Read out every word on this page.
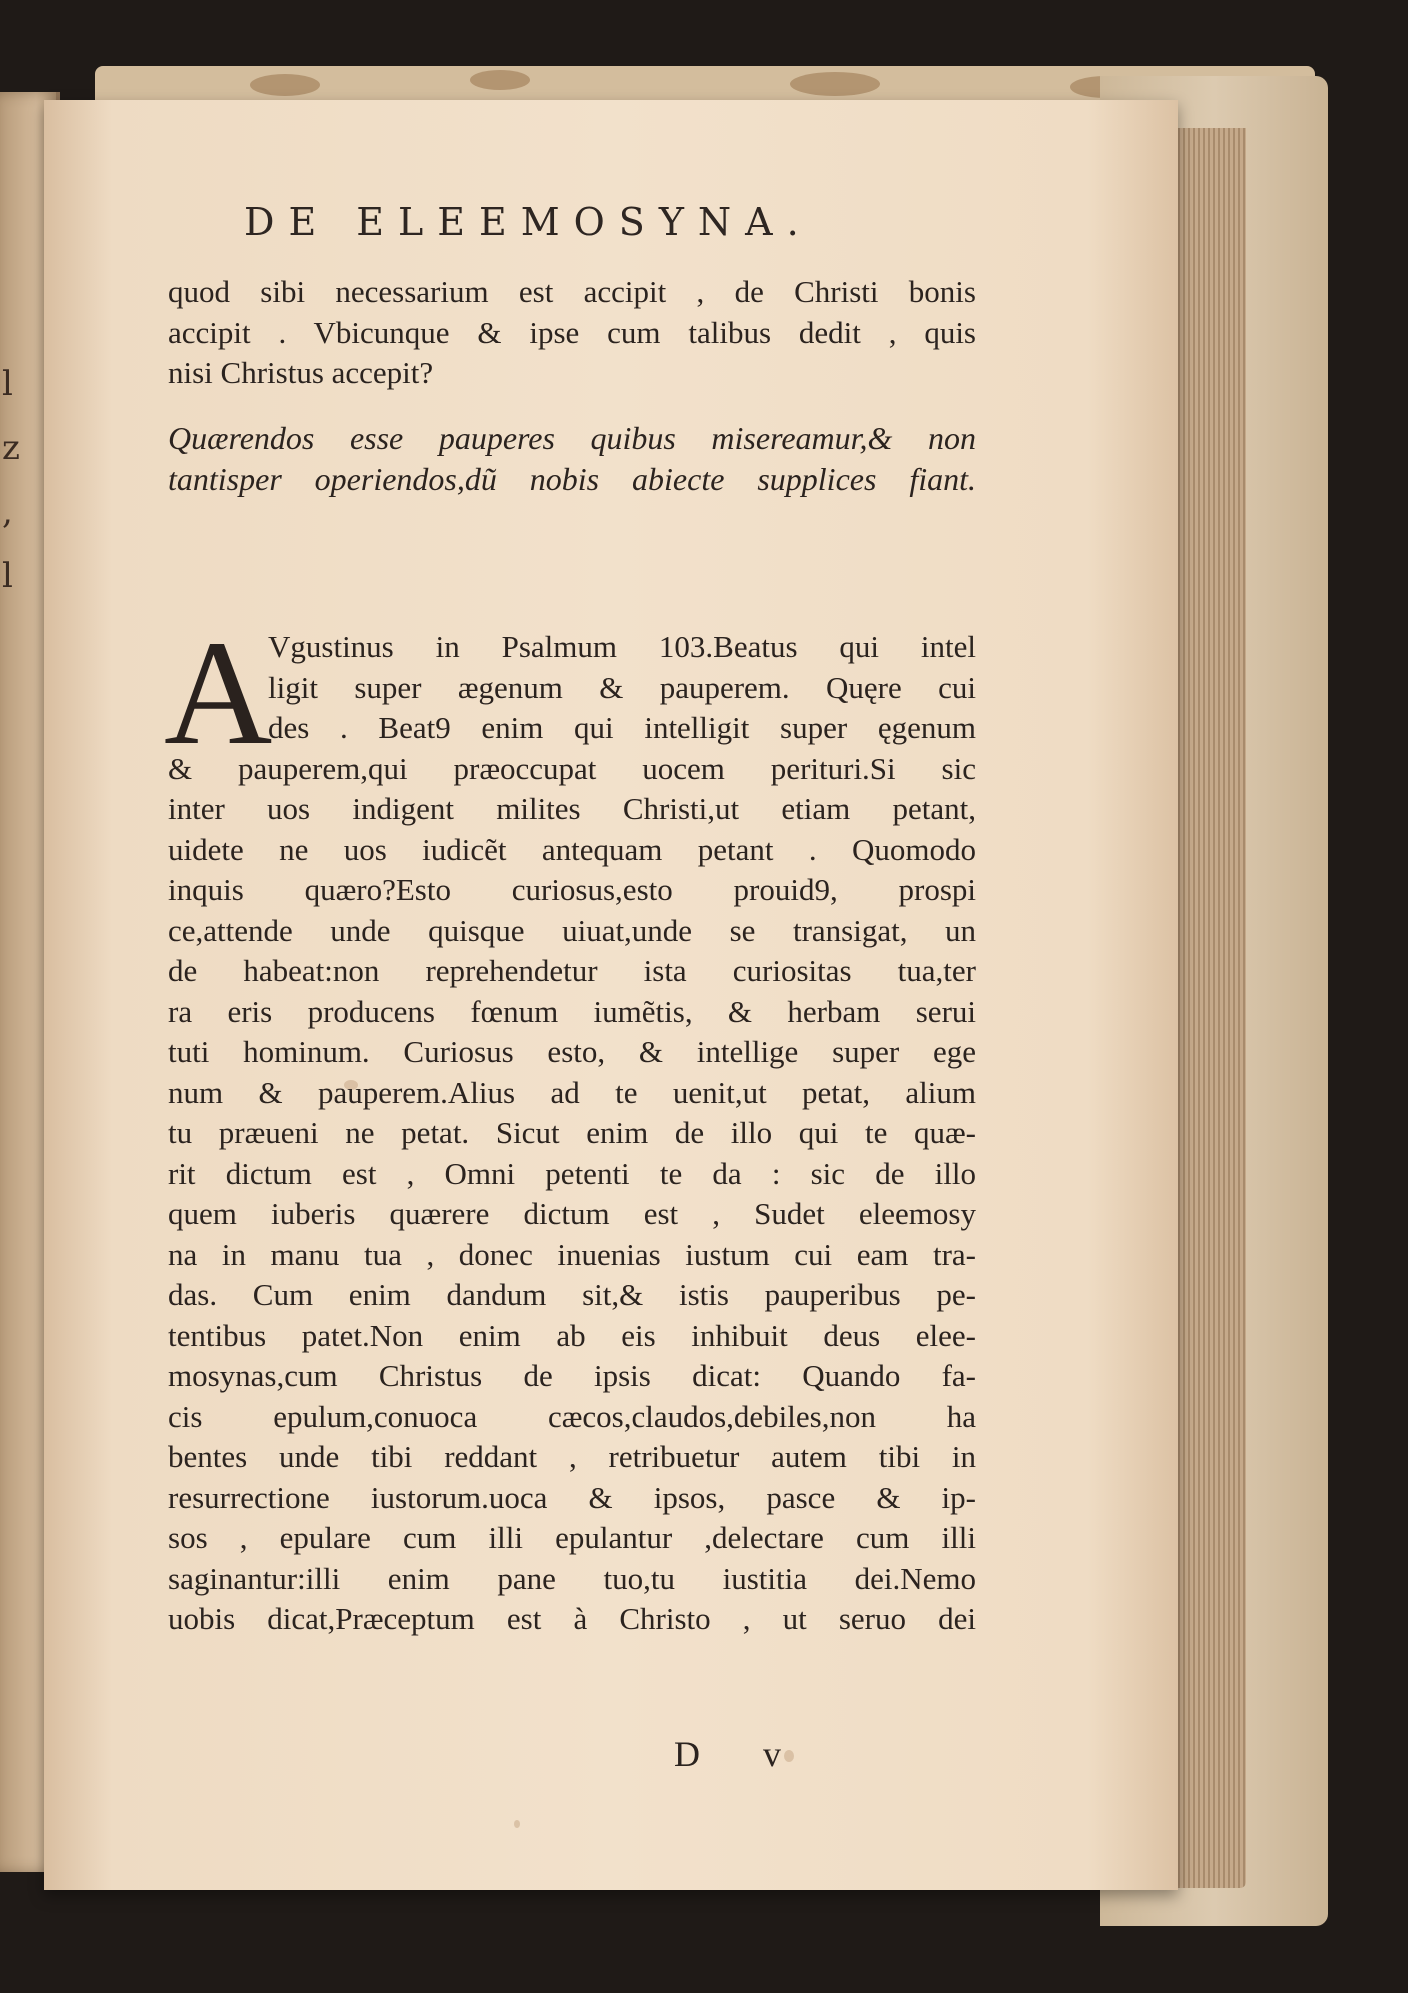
l
z
,
l
DE ELEEMOSYNA.
quod sibi necessarium est accipit , de Christi bonis
accipit . Vbicunque & ipse cum talibus dedit , quis
nisi Christus accepit?
Quærendos esse pauperes quibus misereamur,& non
tantisper operiendos,dũ nobis abiecte supplices fiant.
A
Vgustinus in Psalmum 103.Beatus qui intel
ligit super ægenum & pauperem. Quęre cui
des . Beat9 enim qui intelligit super ęgenum
& pauperem,qui præoccupat uocem perituri.Si sic
inter uos indigent milites Christi,ut etiam petant,
uidete ne uos iudicẽt antequam petant . Quomodo
inquis quæro?Esto curiosus,esto prouid9, prospi
ce,attende unde quisque uiuat,unde se transigat, un
de habeat:non reprehendetur ista curiositas tua,ter
ra eris producens fœnum iumẽtis, & herbam serui
tuti hominum. Curiosus esto, & intellige super ege
num & pauperem.Alius ad te uenit,ut petat, alium
tu præueni ne petat. Sicut enim de illo qui te quæ-
rit dictum est , Omni petenti te da : sic de illo
quem iuberis quærere dictum est , Sudet eleemosy
na in manu tua , donec inuenias iustum cui eam tra-
das. Cum enim dandum sit,& istis pauperibus pe-
tentibus patet.Non enim ab eis inhibuit deus elee-
mosynas,cum Christus de ipsis dicat: Quando fa-
cis epulum,conuoca cæcos,claudos,debiles,non ha
bentes unde tibi reddant , retribuetur autem tibi in
resurrectione iustorum.uoca & ipsos, pasce & ip-
sos , epulare cum illi epulantur ,delectare cum illi
saginantur:illi enim pane tuo,tu iustitia dei.Nemo
uobis dicat,Præceptum est à Christo , ut seruo dei
D v
